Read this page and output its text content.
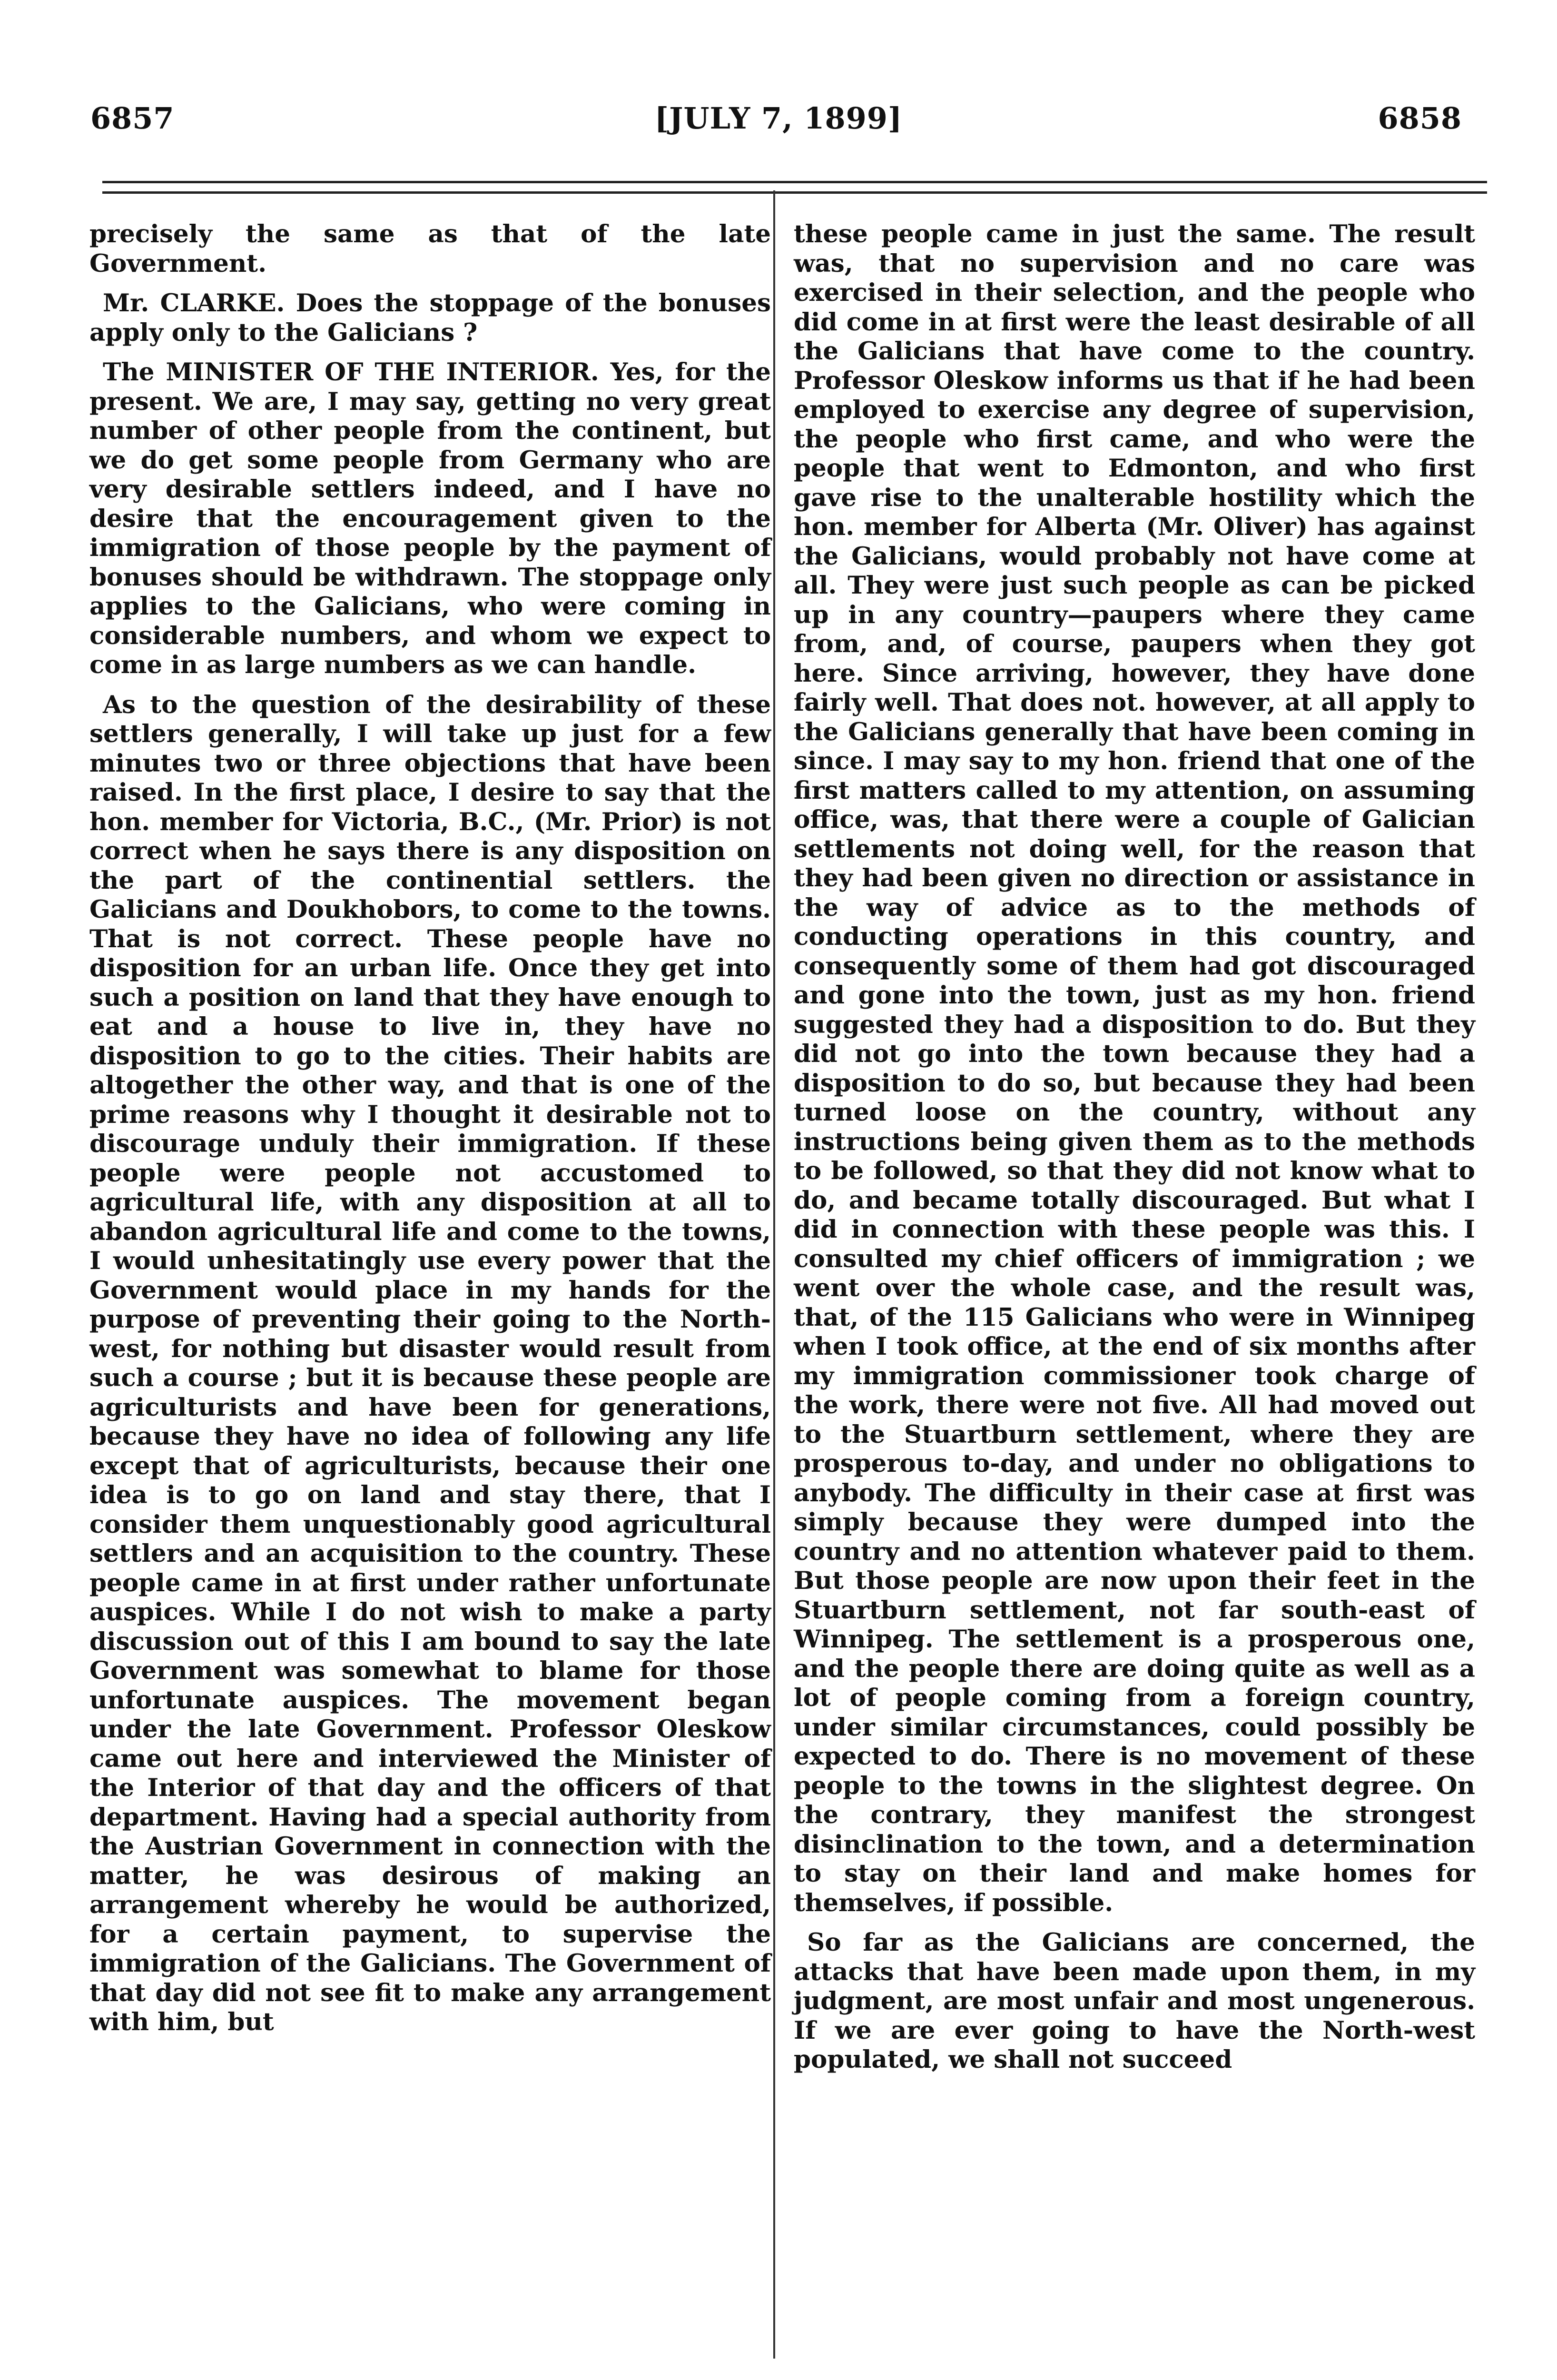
6857	[JULY 7, 1899]	6858

precisely the same as that of the late Government.

Mr. CLARKE. Does the stoppage of the bonuses apply only to the Galicians ?

The MINISTER OF THE INTERIOR. Yes, for the present. We are, I may say, getting no very great number of other people from the continent, but we do get some people from Germany who are very desirable settlers indeed, and I have no desire that the encouragement given to the immigration of those people by the payment of bonuses should be withdrawn. The stoppage only applies to the Galicians, who were coming in considerable numbers, and whom we expect to come in as large numbers as we can handle.

As to the question of the desirability of these settlers generally, I will take up just for a few minutes two or three objections that have been raised. In the first place, I desire to say that the hon. member for Victoria, B.C., (Mr. Prior) is not correct when he says there is any disposition on the part of the continential settlers. the Galicians and Doukhobors, to come to the towns. That is not correct. These people have no disposition for an urban life. Once they get into such a position on land that they have enough to eat and a house to live in, they have no disposition to go to the cities. Their habits are altogether the other way, and that is one of the prime reasons why I thought it desirable not to discourage unduly their immigration. If these people were people not accustomed to agricultural life, with any disposition at all to abandon agricultural life and come to the towns, I would unhesitatingly use every power that the Government would place in my hands for the purpose of preventing their going to the North-west, for nothing but disaster would result from such a course ; but it is because these people are agriculturists and have been for generations, because they have no idea of following any life except that of agriculturists, because their one idea is to go on land and stay there, that I consider them unquestionably good agricultural settlers and an acquisition to the country. These people came in at first under rather unfortunate auspices. While I do not wish to make a party discussion out of this I am bound to say the late Government was somewhat to blame for those unfortunate auspices. The movement began under the late Government. Professor Oleskow came out here and interviewed the Minister of the Interior of that day and the officers of that department. Having had a special authority from the Austrian Government in connection with the matter, he was desirous of making an arrangement whereby he would be authorized, for a certain payment, to supervise the immigration of the Galicians. The Government of that day did not see fit to make any arrangement with him, but

these people came in just the same. The result was, that no supervision and no care was exercised in their selection, and the people who did come in at first were the least desirable of all the Galicians that have come to the country. Professor Oleskow informs us that if he had been employed to exercise any degree of supervision, the people who first came, and who were the people that went to Edmonton, and who first gave rise to the unalterable hostility which the hon. member for Alberta (Mr. Oliver) has against the Galicians, would probably not have come at all. They were just such people as can be picked up in any country—paupers where they came from, and, of course, paupers when they got here. Since arriving, however, they have done fairly well. That does not. however, at all apply to the Galicians generally that have been coming in since. I may say to my hon. friend that one of the first matters called to my attention, on assuming office, was, that there were a couple of Galician settlements not doing well, for the reason that they had been given no direction or assistance in the way of advice as to the methods of conducting operations in this country, and consequently some of them had got discouraged and gone into the town, just as my hon. friend suggested they had a disposition to do. But they did not go into the town because they had a disposition to do so, but because they had been turned loose on the country, without any instructions being given them as to the methods to be followed, so that they did not know what to do, and became totally discouraged. But what I did in connection with these people was this. I consulted my chief officers of immigration ; we went over the whole case, and the result was, that, of the 115 Galicians who were in Winnipeg when I took office, at the end of six months after my immigration commissioner took charge of the work, there were not five. All had moved out to the Stuartburn settlement, where they are prosperous to-day, and under no obligations to anybody. The difficulty in their case at first was simply because they were dumped into the country and no attention whatever paid to them. But those people are now upon their feet in the Stuartburn settlement, not far south-east of Winnipeg. The settlement is a prosperous one, and the people there are doing quite as well as a lot of people coming from a foreign country, under similar circumstances, could possibly be expected to do. There is no movement of these people to the towns in the slightest degree. On the contrary, they manifest the strongest disinclination to the town, and a determination to stay on their land and make homes for themselves, if possible.

So far as the Galicians are concerned, the attacks that have been made upon them, in my judgment, are most unfair and most ungenerous. If we are ever going to have the North-west populated, we shall not succeed
